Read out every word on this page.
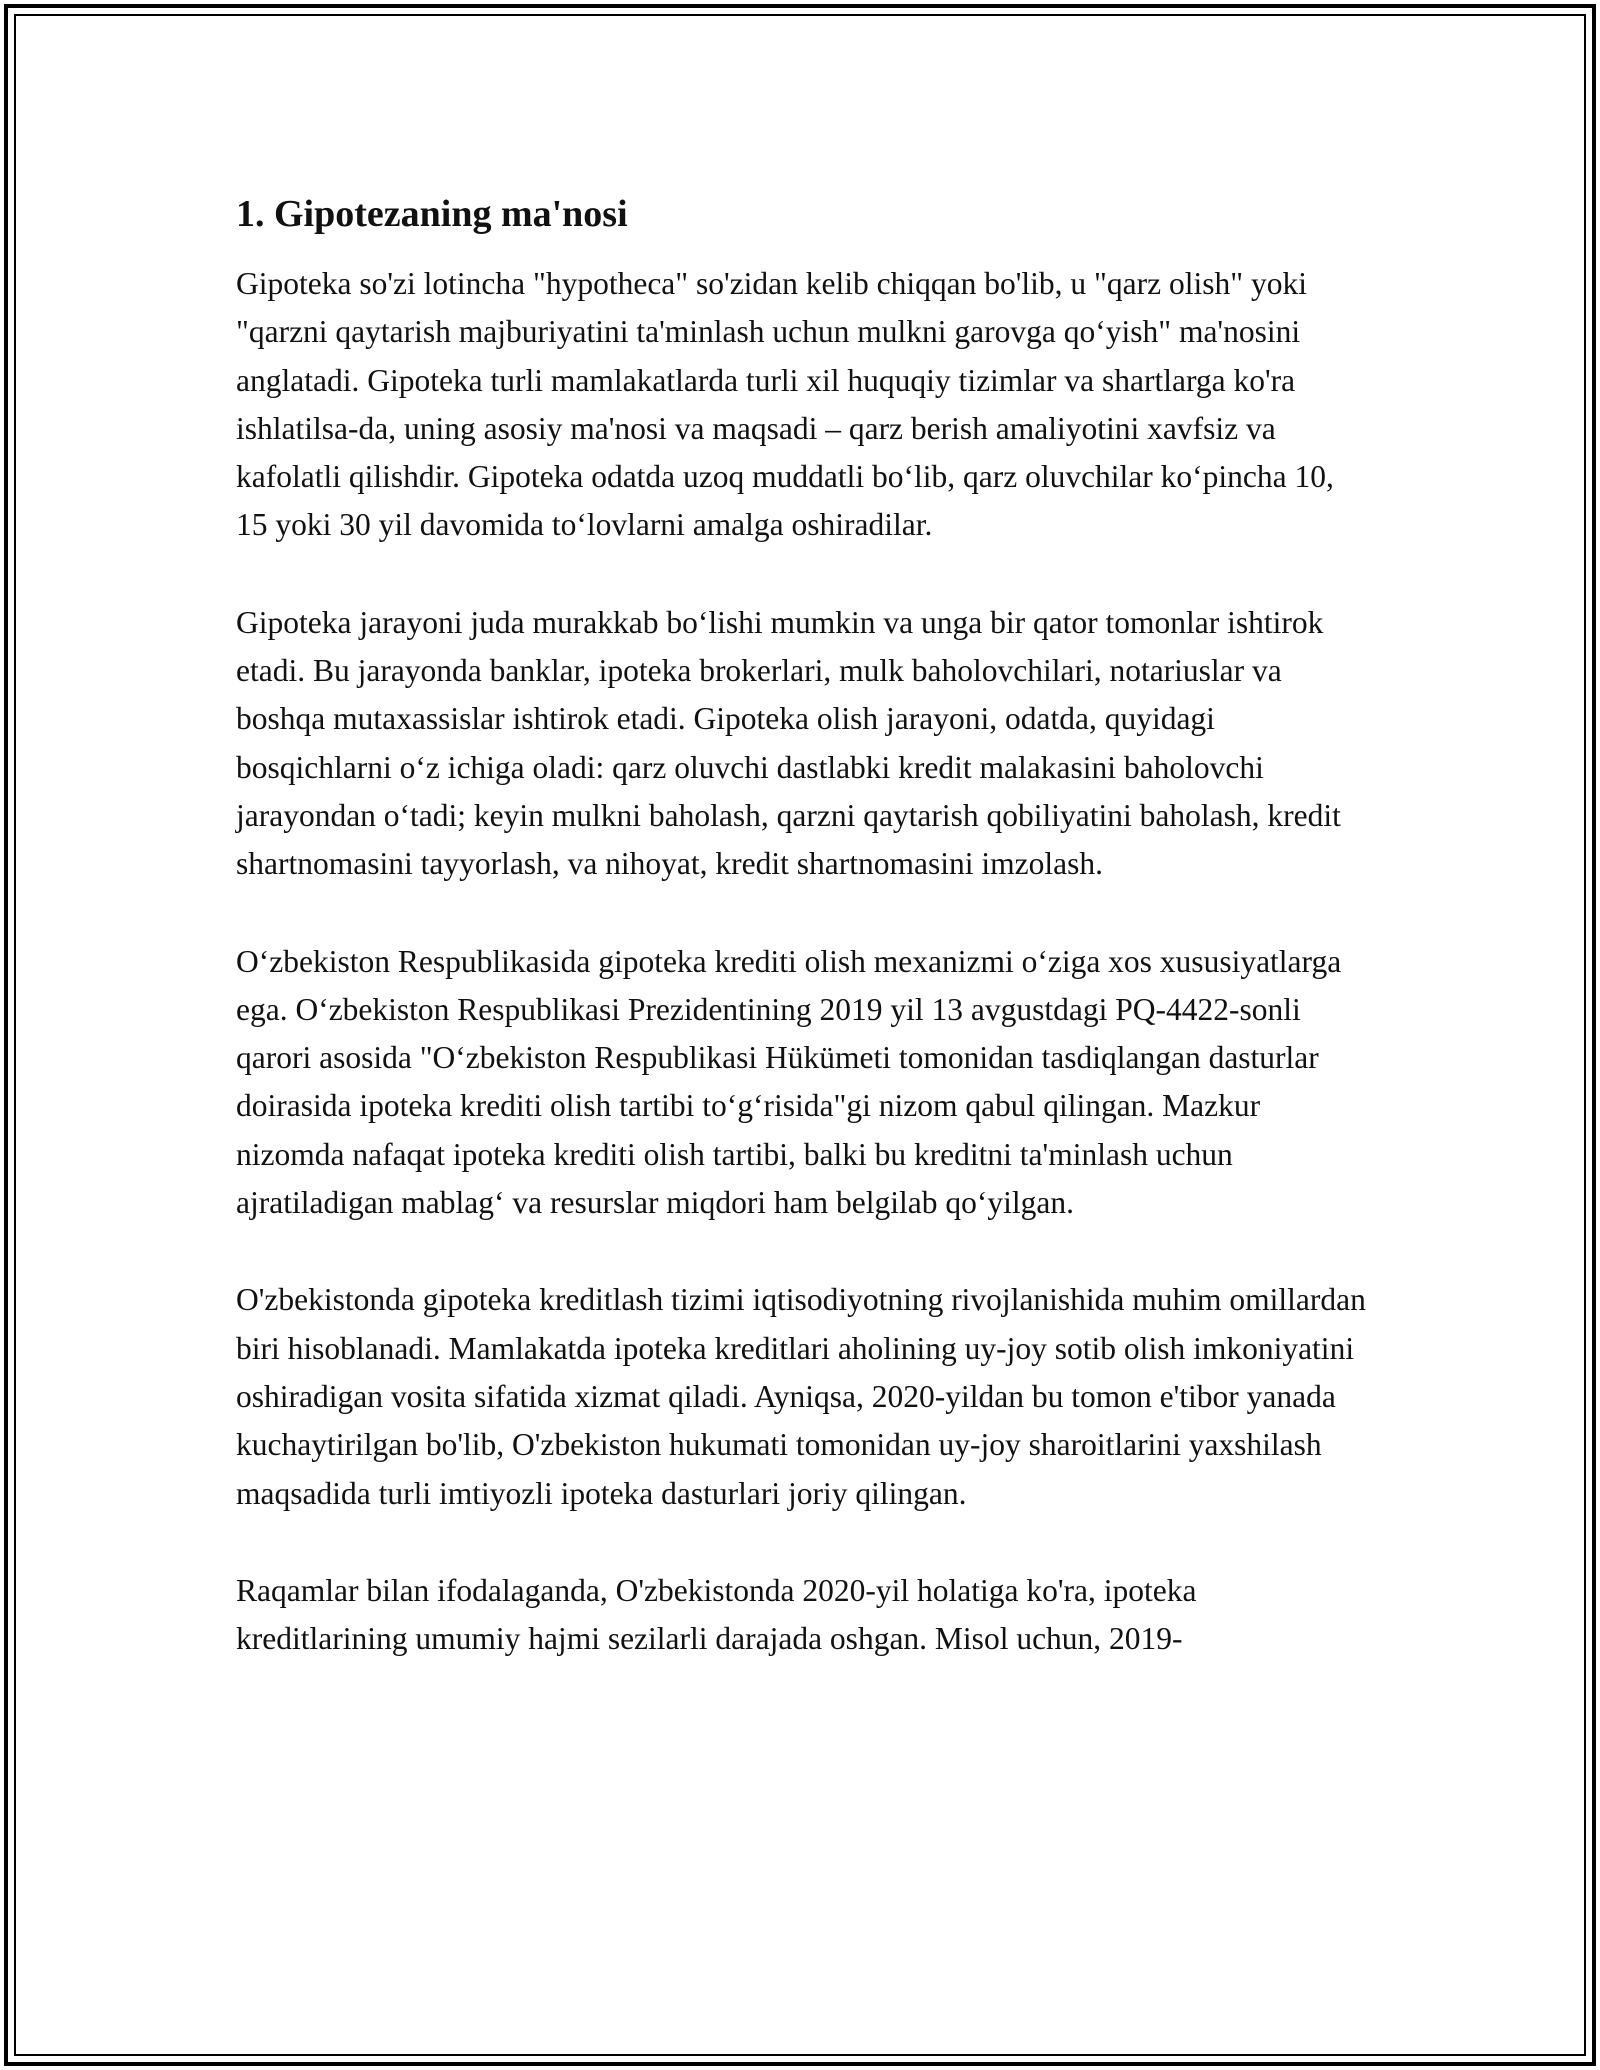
1. Gipotezaning ma'nosi

Gipoteka so'zi lotincha "hypotheca" so'zidan kelib chiqqan bo'lib, u "qarz olish" yoki "qarzni qaytarish majburiyatini ta'minlash uchun mulkni garovga qo‘yish" ma'nosini anglatadi. Gipoteka turli mamlakatlarda turli xil huquqiy tizimlar va shartlarga ko'ra ishlatilsa-da, uning asosiy ma'nosi va maqsadi – qarz berish amaliyotini xavfsiz va kafolatli qilishdir. Gipoteka odatda uzoq muddatli bo‘lib, qarz oluvchilar ko‘pincha 10, 15 yoki 30 yil davomida to‘lovlarni amalga oshiradilar.

Gipoteka jarayoni juda murakkab bo‘lishi mumkin va unga bir qator tomonlar ishtirok etadi. Bu jarayonda banklar, ipoteka brokerlari, mulk baholovchilari, notariuslar va boshqa mutaxassislar ishtirok etadi. Gipoteka olish jarayoni, odatda, quyidagi bosqichlarni o‘z ichiga oladi: qarz oluvchi dastlabki kredit malakasini baholovchi jarayondan o‘tadi; keyin mulkni baholash, qarzni qaytarish qobiliyatini baholash, kredit shartnomasini tayyorlash, va nihoyat, kredit shartnomasini imzolash.

O‘zbekiston Respublikasida gipoteka krediti olish mexanizmi o‘ziga xos xususiyatlarga ega. O‘zbekiston Respublikasi Prezidentining 2019 yil 13 avgustdagi PQ-4422-sonli qarori asosida "O‘zbekiston Respublikasi Hükümeti tomonidan tasdiqlangan dasturlar doirasida ipoteka krediti olish tartibi to‘g‘risida"gi nizom qabul qilingan. Mazkur nizomda nafaqat ipoteka krediti olish tartibi, balki bu kreditni ta'minlash uchun ajratiladigan mablag‘ va resurslar miqdori ham belgilab qo‘yilgan.

O'zbekistonda gipoteka kreditlash tizimi iqtisodiyotning rivojlanishida muhim omillardan biri hisoblanadi. Mamlakatda ipoteka kreditlari aholining uy-joy sotib olish imkoniyatini oshiradigan vosita sifatida xizmat qiladi. Ayniqsa, 2020-yildan bu tomon e'tibor yanada kuchaytirilgan bo'lib, O'zbekiston hukumati tomonidan uy-joy sharoitlarini yaxshilash maqsadida turli imtiyozli ipoteka dasturlari joriy qilingan.

Raqamlar bilan ifodalaganda, O'zbekistonda 2020-yil holatiga ko'ra, ipoteka kreditlarining umumiy hajmi sezilarli darajada oshgan. Misol uchun, 2019-
